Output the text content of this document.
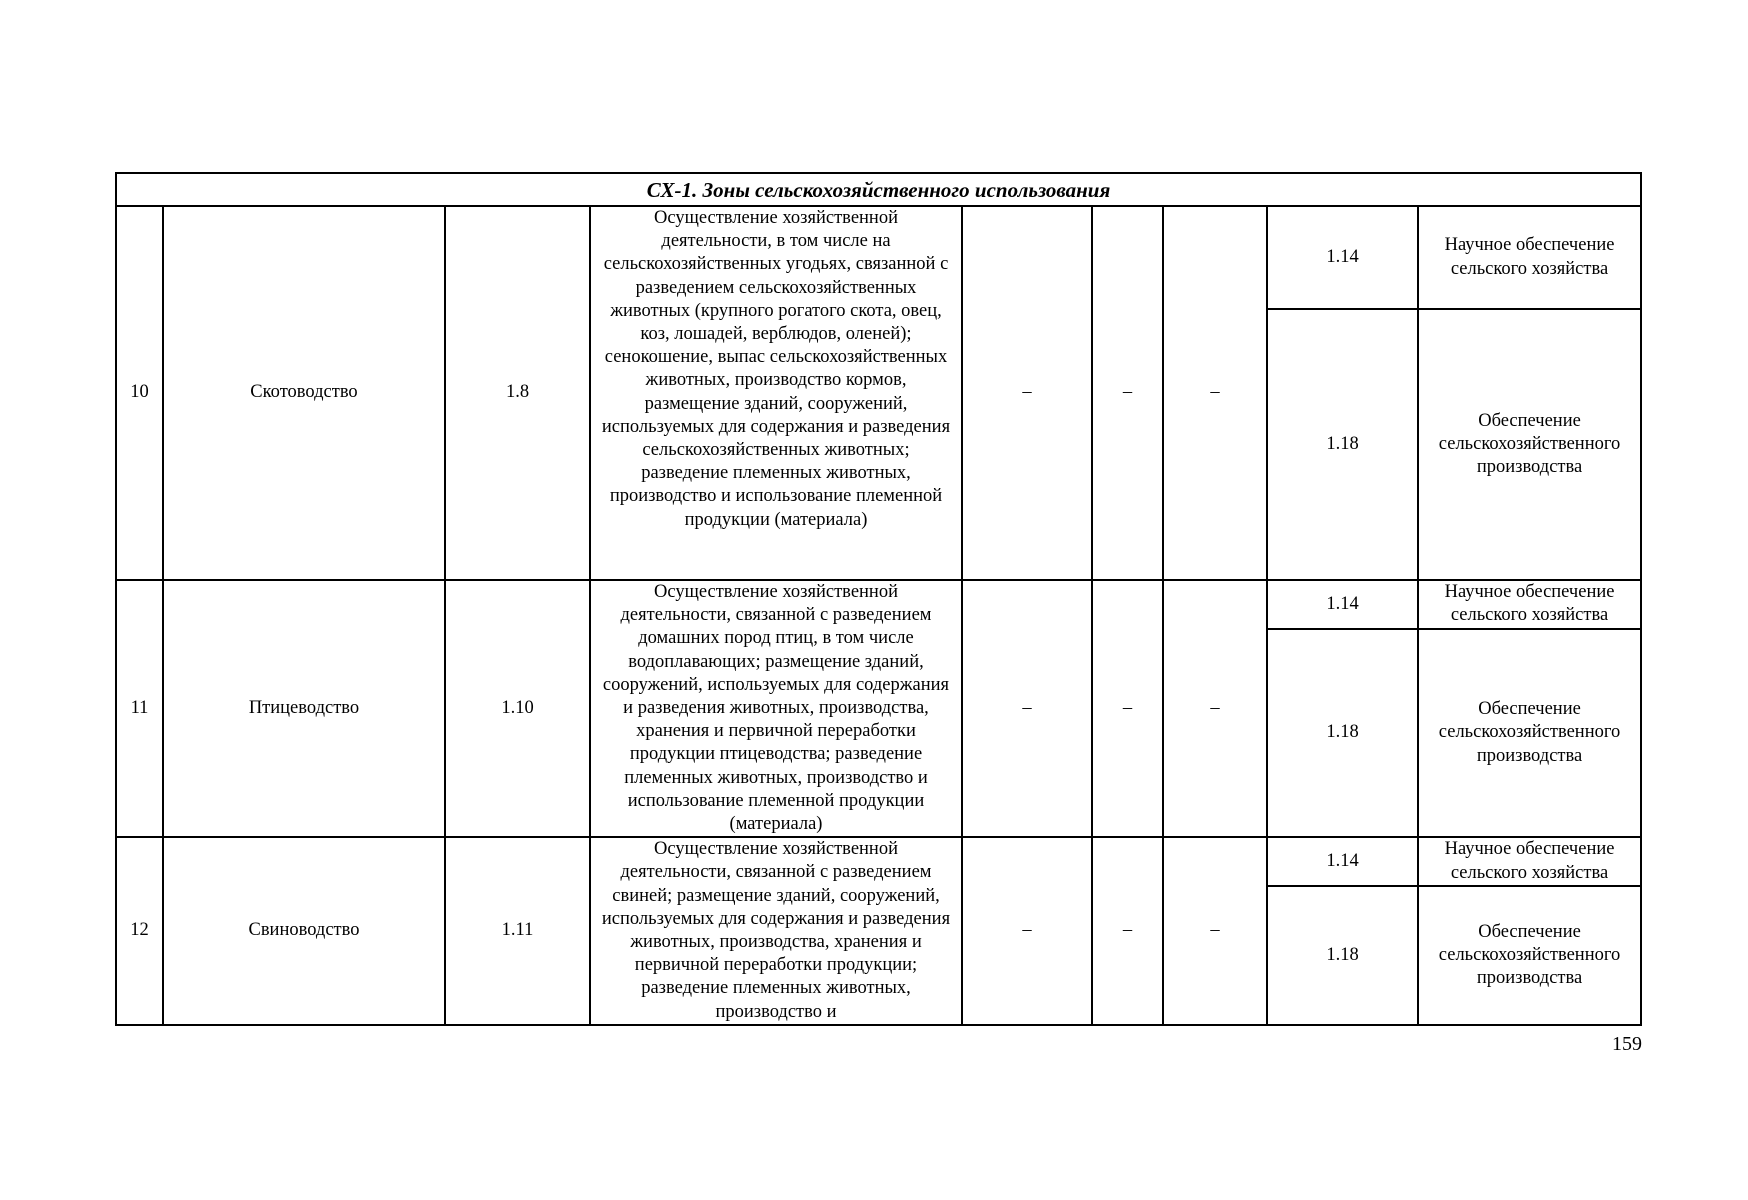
СХ-1. Зоны сельскохозяйственного использования								
10	Скотоводство	1.8	Осуществление хозяйственной деятельности, в том числе на сельскохозяйственных угодьях, связанной с разведением сельскохозяйственных животных (крупного рогатого скота, овец, коз, лошадей, верблюдов, оленей); сенокошение, выпас сельскохозяйственных животных, производство кормов, размещение зданий, сооружений, используемых для содержания и разведения сельскохозяйственных животных; разведение племенных животных, производство и использование племенной продукции (материала)	–	–	–	1.14	Научное обеспечение сельского хозяйства

							1.18	Обеспечение сельскохозяйственного производства

11	Птицеводство	1.10	Осуществление хозяйственной деятельности, связанной с разведением домашних пород птиц, в том числе водоплавающих; размещение зданий, сооружений, используемых для содержания и разведения животных, производства, хранения и первичной переработки продукции птицеводства; разведение племенных животных, производство и использование племенной продукции (материала)	–	–	–	1.14	Научное обеспечение сельского хозяйства

							1.18	Обеспечение сельскохозяйственного производства

12	Свиноводство	1.11	Осуществление хозяйственной деятельности, связанной с разведением свиней; размещение зданий, сооружений, используемых для содержания и разведения животных, производства, хранения и первичной переработки продукции; разведение племенных животных, производство и	–	–	–	1.14	Научное обеспечение сельского хозяйства

							1.18	Обеспечение сельскохозяйственного производства
159
